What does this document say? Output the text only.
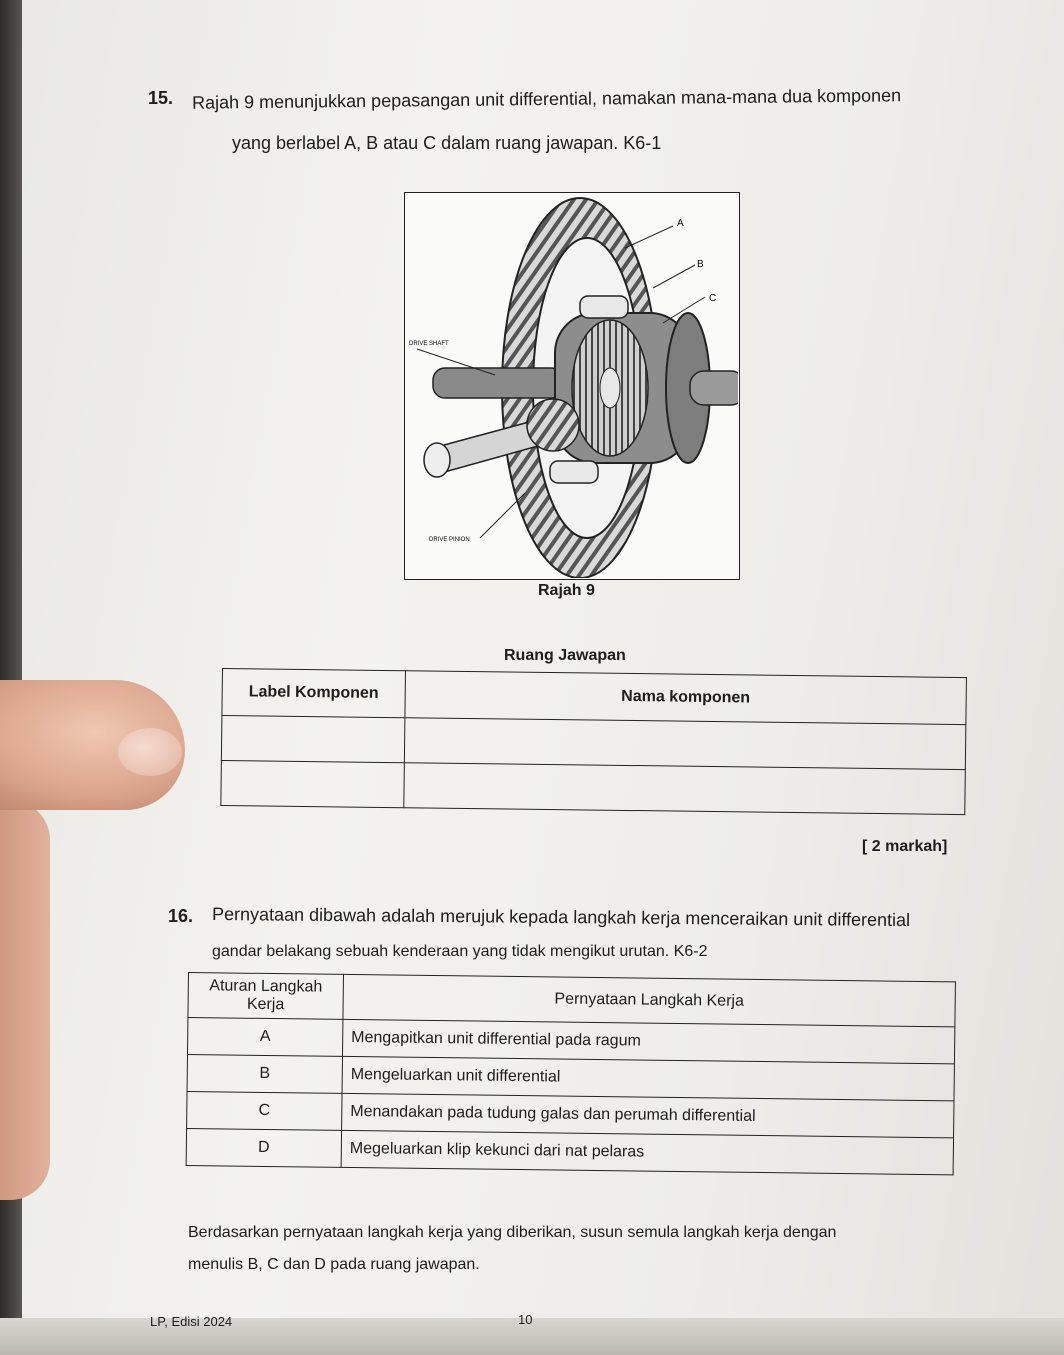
15. Rajah 9 menunjukkan pepasangan unit differential, namakan mana-mana dua komponen
yang berlabel A, B atau C dalam ruang jawapan. K6-1
A
B
C
DRIVE SHAFT
DRIVE PINION
Rajah 9
Ruang Jawapan
Label Komponen	Nama komponen

[ 2 markah]
16. Pernyataan dibawah adalah merujuk kepada langkah kerja menceraikan unit differential
gandar belakang sebuah kenderaan yang tidak mengikut urutan. K6-2
Aturan Langkah Kerja	Pernyataan Langkah Kerja
A	Mengapitkan unit differential pada ragum
B	Mengeluarkan unit differential
C	Menandakan pada tudung galas dan perumah differential
D	Megeluarkan klip kekunci dari nat pelaras
Berdasarkan pernyataan langkah kerja yang diberikan, susun semula langkah kerja dengan
menulis B, C dan D pada ruang jawapan.
LP, Edisi 2024	10
